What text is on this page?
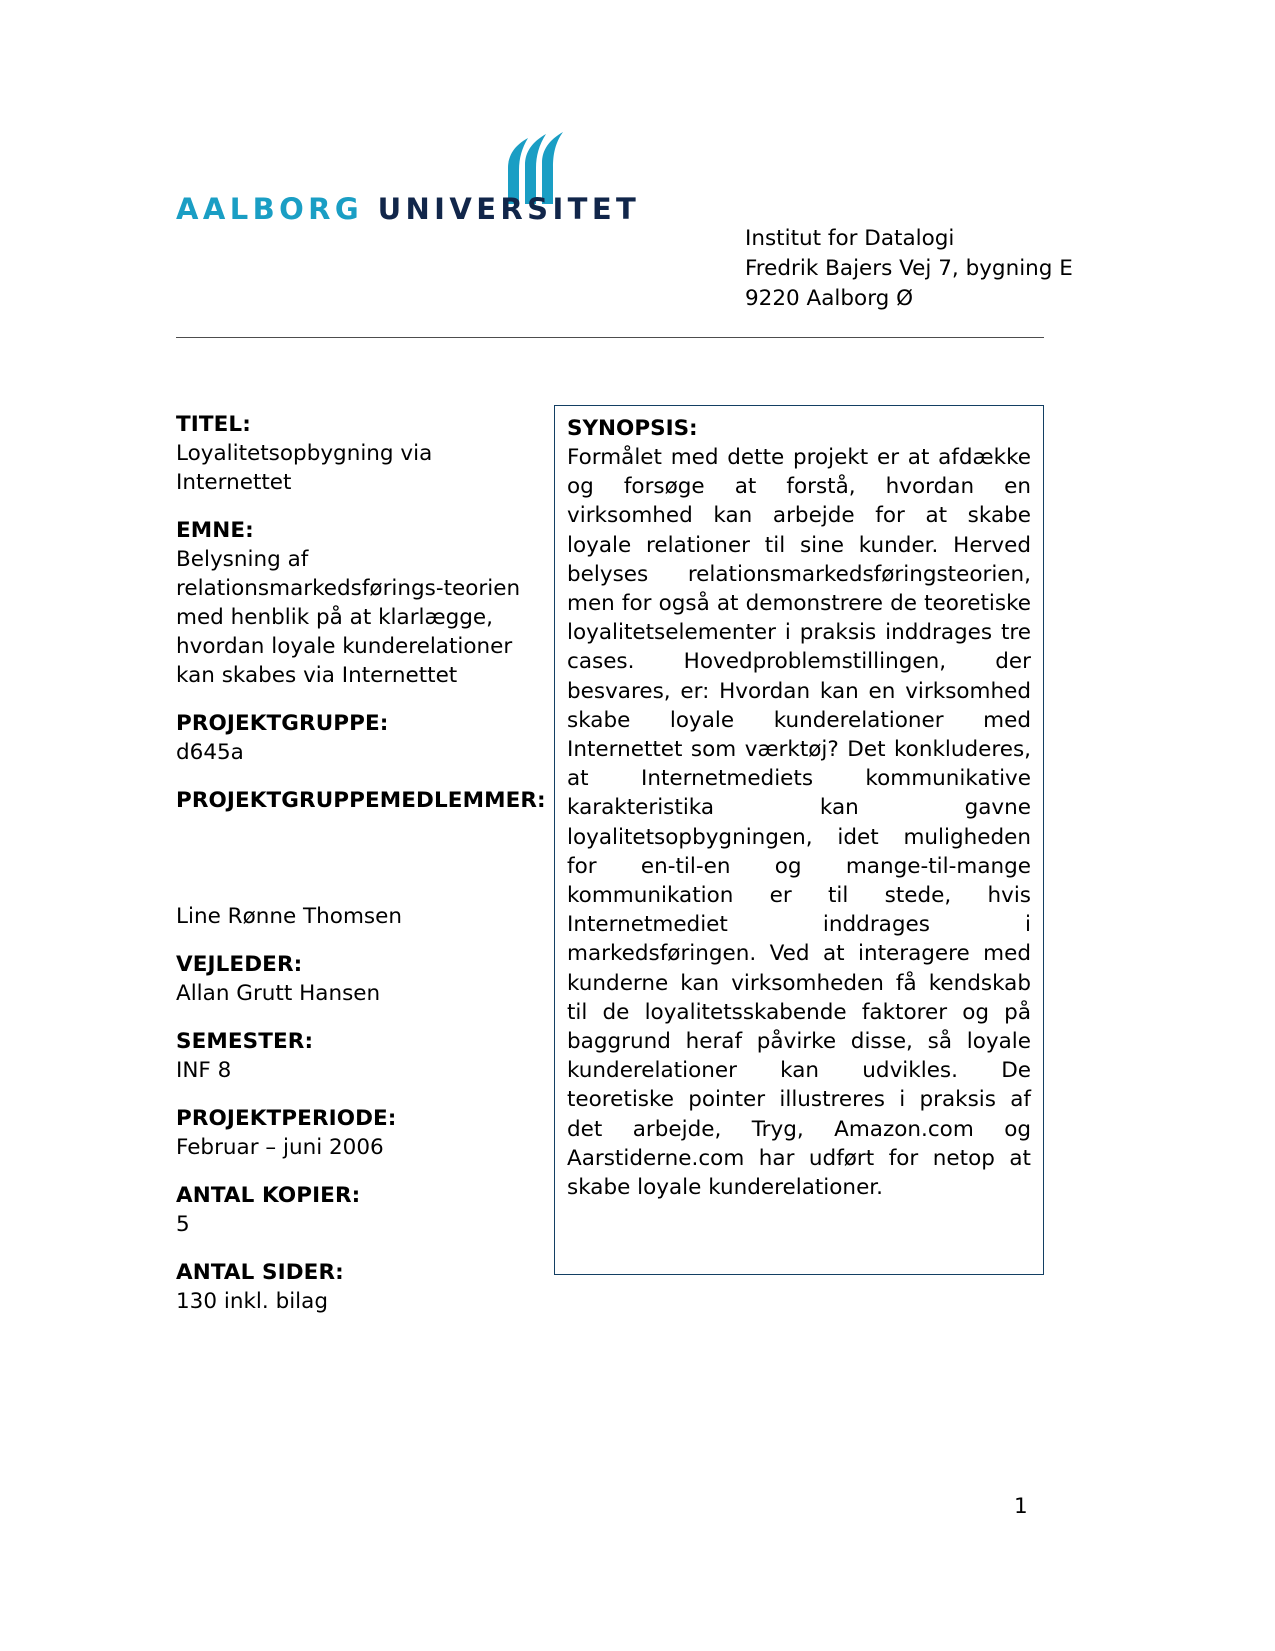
AALBORG UNIVERSITET
Institut for Datalogi
Fredrik Bajers Vej 7, bygning E
9220 Aalborg Ø
TITEL:
Loyalitetsopbygning via Internettet
EMNE:
Belysning af relationsmarkedsførings-teorien med henblik på at klarlægge, hvordan loyale kunderelationer kan skabes via Internettet
PROJEKTGRUPPE:
d645a
PROJEKTGRUPPEMEDLEMMER:
Line Rønne Thomsen
VEJLEDER:
Allan Grutt Hansen
SEMESTER:
INF 8
PROJEKTPERIODE:
Februar – juni 2006
ANTAL KOPIER:
5
ANTAL SIDER:
130 inkl. bilag
SYNOPSIS:

Formålet med dette projekt er at afdække og forsøge at forstå, hvordan en virksomhed kan arbejde for at skabe loyale relationer til sine kunder. Herved belyses relationsmarkedsføringsteorien, men for også at demonstrere de teoretiske loyalitetselementer i praksis inddrages tre cases. Hovedproblemstillingen, der besvares, er: Hvordan kan en virksomhed skabe loyale kunderelationer med Internettet som værktøj? Det konkluderes, at Internetmediets kommunikative karakteristika kan gavne loyalitetsopbygningen, idet muligheden for en-til-en og mange-til-mange kommunikation er til stede, hvis Internetmediet inddrages i markedsføringen. Ved at interagere med kunderne kan virksomheden få kendskab til de loyalitetsskabende faktorer og på baggrund heraf påvirke disse, så loyale kunderelationer kan udvikles. De teoretiske pointer illustreres i praksis af det arbejde, Tryg, Amazon.com og Aarstiderne.com har udført for netop at skabe loyale kunderelationer.

1
